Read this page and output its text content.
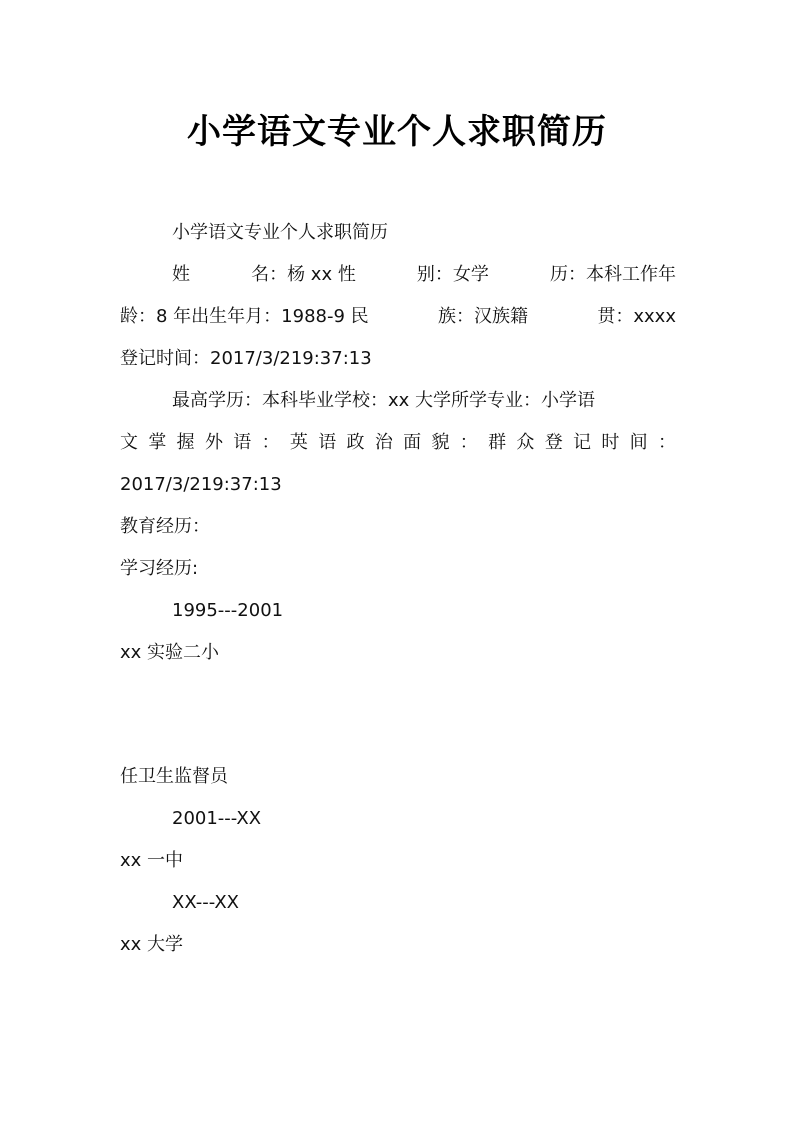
小学语文专业个人求职简历

小学语文专业个人求职简历

姓	名：杨 xx 性	别：女学	历：本科工作年

龄：8 年出生年月：1988-9 民	族：汉族籍	贯：xxxx

登记时间：2017/3/219:37:13

最高学历：本科毕业学校：xx 大学所学专业：小学语

文 掌 握 外 语 ： 英 语 政 治 面 貌 ： 群 众 登 记 时 间 ：

2017/3/219:37:13

教育经历：

学习经历:

1995---2001

xx 实验二小

任卫生监督员

2001---XX

xx 一中

XX---XX

xx 大学
